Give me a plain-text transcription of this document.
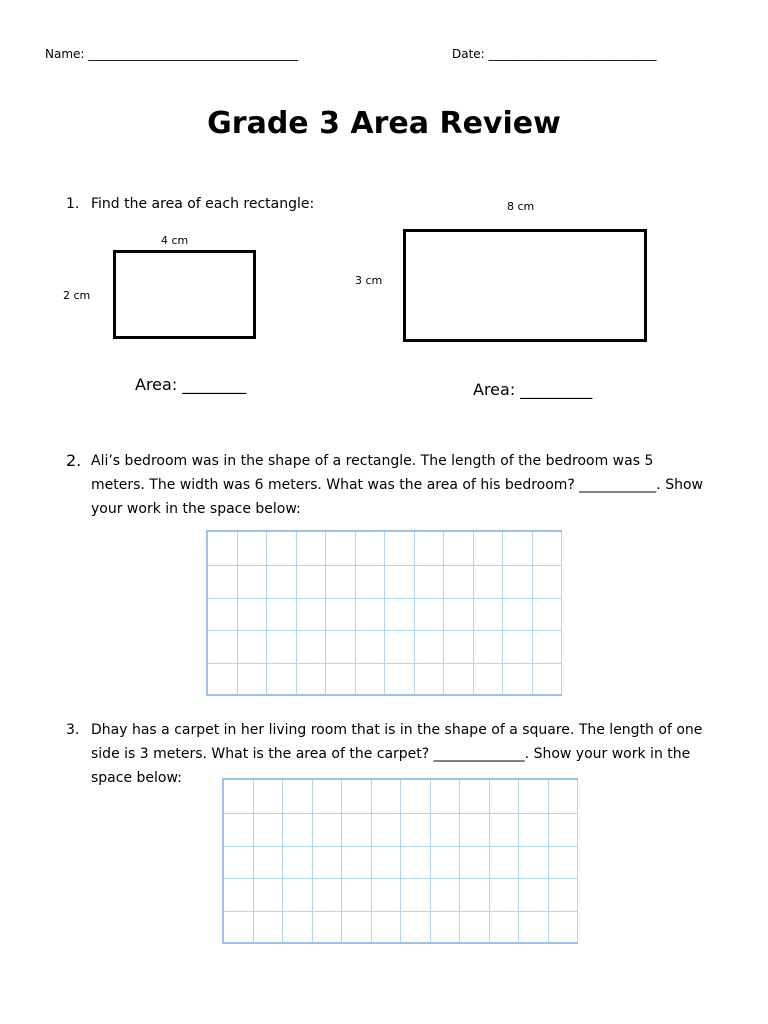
Name: ___________________________________	Date: ____________________________
Grade 3 Area Review
1. Find the area of each rectangle:
4 cm
2 cm
Area: ________
8 cm
3 cm
Area: _________
2. Ali’s bedroom was in the shape of a rectangle. The length of the bedroom was 5 meters. The width was 6 meters. What was the area of his bedroom? ___________. Show your work in the space below:
3. Dhay has a carpet in her living room that is in the shape of a square. The length of one side is 3 meters. What is the area of the carpet? _____________. Show your work in the space below:
